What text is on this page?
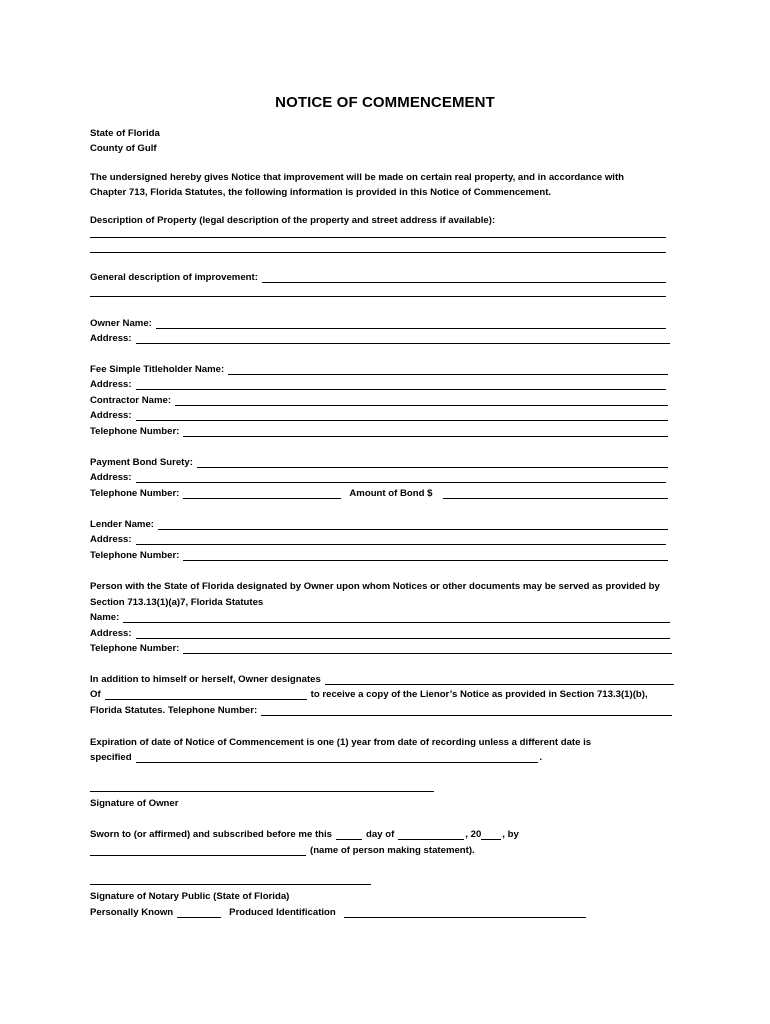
NOTICE OF COMMENCEMENT
State of Florida
County of Gulf
The undersigned hereby gives Notice that improvement will be made on certain real property, and in accordance with
Chapter 713, Florida Statutes, the following information is provided in this Notice of Commencement.
Description of Property (legal description of the property and street address if available):
General description of improvement:
Owner Name:
Address:
Fee Simple Titleholder Name:
Address:
Contractor Name:
Address:
Telephone Number:
Payment Bond Surety:
Address:
Telephone Number:	Amount of Bond $
Lender Name:
Address:
Telephone Number:
Person with the State of Florida designated by Owner upon whom Notices or other documents may be served as provided by
Section 713.13(1)(a)7, Florida Statutes
Name:
Address:
Telephone Number:
In addition to himself or herself, Owner designates
Of	to receive a copy of the Lienor’s Notice as provided in Section 713.3(1)(b),
Florida Statutes. Telephone Number:
Expiration of date of Notice of Commencement is one (1) year from date of recording unless a different date is
specified	.
Signature of Owner
Sworn to (or affirmed) and subscribed before me this	day of	, 20 , by
(name of person making statement).
Signature of Notary Public (State of Florida)
Personally Known	Produced Identification
